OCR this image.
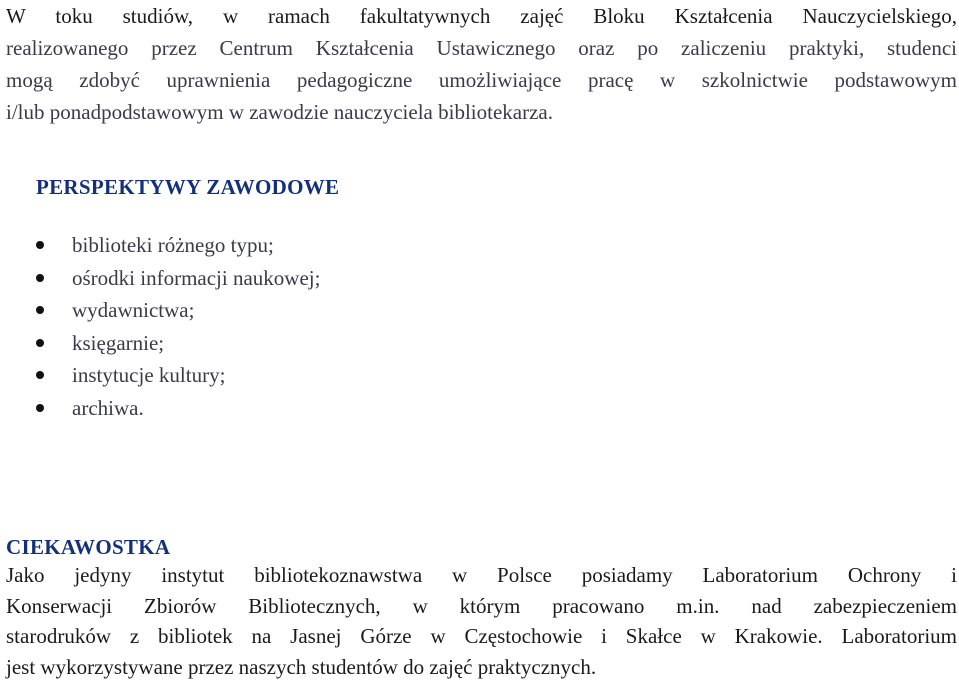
W toku studiów, w ramach fakultatywnych zajęć Bloku Kształcenia Nauczycielskiego,
realizowanego przez Centrum Kształcenia Ustawicznego oraz po zaliczeniu praktyki, studenci
mogą zdobyć uprawnienia pedagogiczne umożliwiające pracę w szkolnictwie podstawowym
i/lub ponadpodstawowym w zawodzie nauczyciela bibliotekarza.

PERSPEKTYWY ZAWODOWE
biblioteki różnego typu;
ośrodki informacji naukowej;
wydawnictwa;
księgarnie;
instytucje kultury;
archiwa.
CIEKAWOSTKA

Jako jedyny instytut bibliotekoznawstwa w Polsce posiadamy Laboratorium Ochrony i
Konserwacji Zbiorów Bibliotecznych, w którym pracowano m.in. nad zabezpieczeniem
starodruków z bibliotek na Jasnej Górze w Częstochowie i Skałce w Krakowie. Laboratorium
jest wykorzystywane przez naszych studentów do zajęć praktycznych.
